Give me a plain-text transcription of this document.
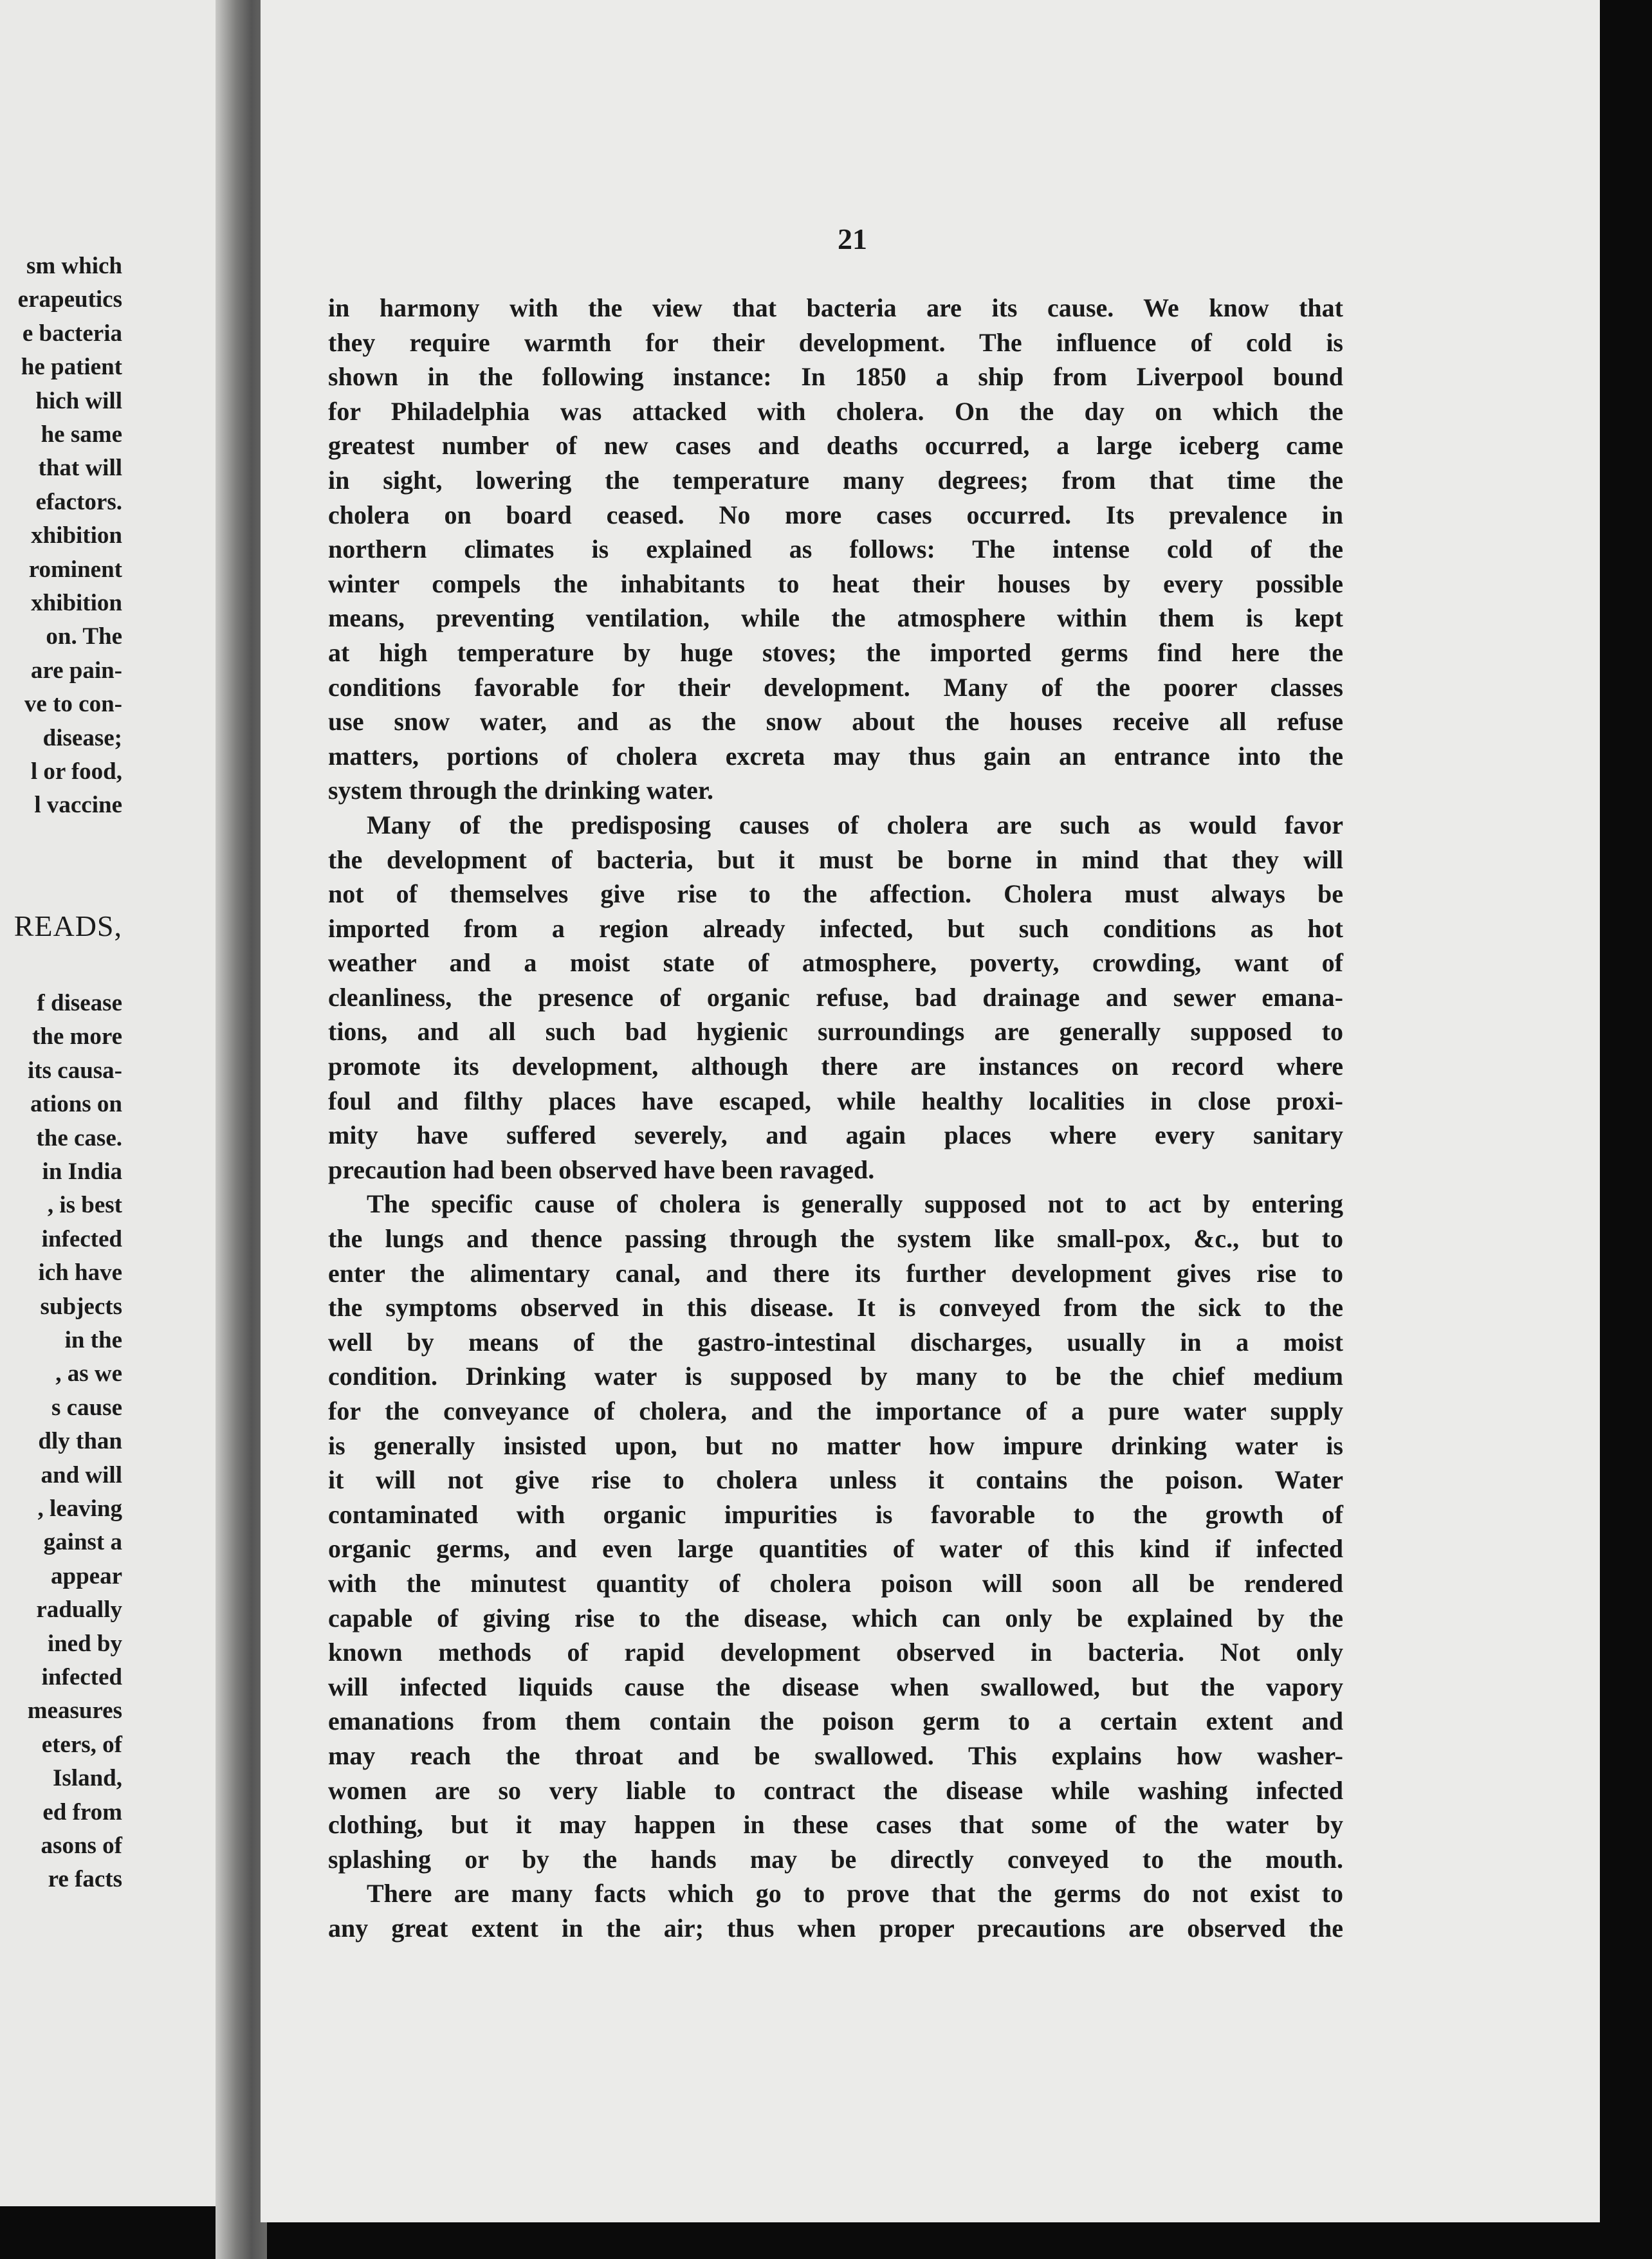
sm which
erapeutics
e bacteria
he patient
hich will
he same
that will
efactors.
xhibition
rominent
xhibition
on. The
are pain-
ve to con-
disease;
l or food,
l vaccine
READS,
f disease
the more
its causa-
ations on
the case.
in India
, is best
infected
ich have
subjects
in the
, as we
s cause
dly than
and will
, leaving
gainst a
appear
radually
ined by
infected
measures
eters, of
Island,
ed from
asons of
re facts
21
in harmony with the view that bacteria are its cause. We know that
they require warmth for their development. The influence of cold is
shown in the following instance: In 1850 a ship from Liverpool bound
for Philadelphia was attacked with cholera. On the day on which the
greatest number of new cases and deaths occurred, a large iceberg came
in sight, lowering the temperature many degrees; from that time the
cholera on board ceased. No more cases occurred. Its prevalence in
northern climates is explained as follows: The intense cold of the
winter compels the inhabitants to heat their houses by every possible
means, preventing ventilation, while the atmosphere within them is kept
at high temperature by huge stoves; the imported germs find here the
conditions favorable for their development. Many of the poorer classes
use snow water, and as the snow about the houses receive all refuse
matters, portions of cholera excreta may thus gain an entrance into the
system through the drinking water.
Many of the predisposing causes of cholera are such as would favor
the development of bacteria, but it must be borne in mind that they will
not of themselves give rise to the affection. Cholera must always be
imported from a region already infected, but such conditions as hot
weather and a moist state of atmosphere, poverty, crowding, want of
cleanliness, the presence of organic refuse, bad drainage and sewer emana-
tions, and all such bad hygienic surroundings are generally supposed to
promote its development, although there are instances on record where
foul and filthy places have escaped, while healthy localities in close proxi-
mity have suffered severely, and again places where every sanitary
precaution had been observed have been ravaged.
The specific cause of cholera is generally supposed not to act by entering
the lungs and thence passing through the system like small-pox, &c., but to
enter the alimentary canal, and there its further development gives rise to
the symptoms observed in this disease. It is conveyed from the sick to the
well by means of the gastro-intestinal discharges, usually in a moist
condition. Drinking water is supposed by many to be the chief medium
for the conveyance of cholera, and the importance of a pure water supply
is generally insisted upon, but no matter how impure drinking water is
it will not give rise to cholera unless it contains the poison. Water
contaminated with organic impurities is favorable to the growth of
organic germs, and even large quantities of water of this kind if infected
with the minutest quantity of cholera poison will soon all be rendered
capable of giving rise to the disease, which can only be explained by the
known methods of rapid development observed in bacteria. Not only
will infected liquids cause the disease when swallowed, but the vapory
emanations from them contain the poison germ to a certain extent and
may reach the throat and be swallowed. This explains how washer-
women are so very liable to contract the disease while washing infected
clothing, but it may happen in these cases that some of the water by
splashing or by the hands may be directly conveyed to the mouth.
There are many facts which go to prove that the germs do not exist to
any great extent in the air; thus when proper precautions are observed the
